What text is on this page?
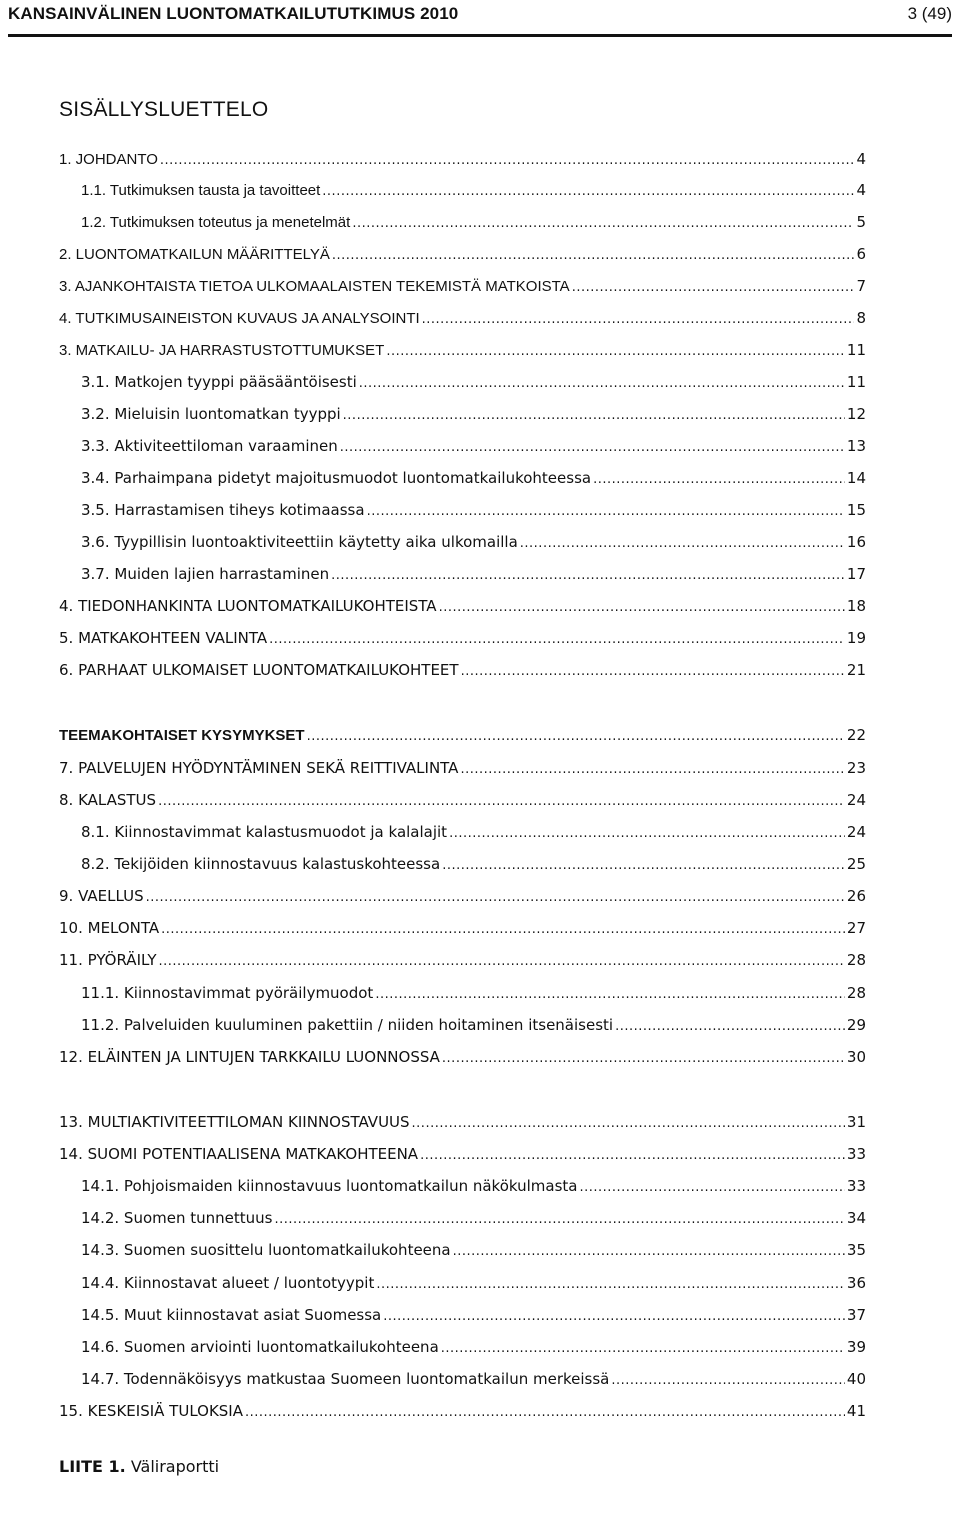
KANSAINVÄLINEN LUONTOMATKAILUTUTKIMUS 2010	3 (49)
SISÄLLYSLUETTELO
1. JOHDANTO .....	4
1.1. Tutkimuksen tausta ja tavoitteet .....	4
1.2. Tutkimuksen toteutus ja menetelmät .....	5
2. LUONTOMATKAILUN MÄÄRITTELYÄ .....	6
3. AJANKOHTAISTA TIETOA ULKOMAALAISTEN TEKEMISTÄ MATKOISTA .....	7
4. TUTKIMUSAINEISTON KUVAUS JA ANALYSOINTI .....	8
3. MATKAILU- JA HARRASTUSTOTTUMUKSET .....	11
3.1. Matkojen tyyppi pääsääntöisesti .....	11
3.2. Mieluisin luontomatkan tyyppi .....	12
3.3. Aktiviteettiloman varaaminen .....	13
3.4. Parhaimpana pidetyt majoitusmuodot luontomatkailukohteessa .....	14
3.5. Harrastamisen tiheys kotimaassa .....	15
3.6. Tyypillisin luontoaktiviteettiin käytetty aika ulkomailla .....	16
3.7. Muiden lajien harrastaminen .....	17
4. TIEDONHANKINTA LUONTOMATKAILUKOHTEISTA .....	18
5. MATKAKOHTEEN VALINTA .....	19
6. PARHAAT ULKOMAISET LUONTOMATKAILUKOHTEET .....	21
TEEMAKOHTAISET KYSYMYKSET .....	22
7. PALVELUJEN HYÖDYNTÄMINEN SEKÄ REITTIVALINTA .....	23
8. KALASTUS .....	24
8.1. Kiinnostavimmat kalastusmuodot ja kalalajit .....	24
8.2. Tekijöiden kiinnostavuus kalastuskohteessa .....	25
9. VAELLUS .....	26
10. MELONTA .....	27
11. PYÖRÄILY .....	28
11.1. Kiinnostavimmat pyöräilymuodot .....	28
11.2. Palveluiden kuuluminen pakettiin / niiden hoitaminen itsenäisesti .....	29
12. ELÄINTEN JA LINTUJEN TARKKAILU LUONNOSSA .....	30
13. MULTIAKTIVITEETTILOMAN KIINNOSTAVUUS .....	31
14. SUOMI POTENTIAALISENA MATKAKOHTEENA .....	33
14.1. Pohjoismaiden kiinnostavuus luontomatkailun näkökulmasta .....	33
14.2. Suomen tunnettuus .....	34
14.3. Suomen suosittelu luontomatkailukohteena .....	35
14.4. Kiinnostavat alueet / luontotyypit .....	36
14.5. Muut kiinnostavat asiat Suomessa .....	37
14.6. Suomen arviointi luontomatkailukohteena .....	39
14.7. Todennäköisyys matkustaa Suomeen luontomatkailun merkeissä .....	40
15. KESKEISIÄ TULOKSIA .....	41
LIITE 1. Väliraportti
